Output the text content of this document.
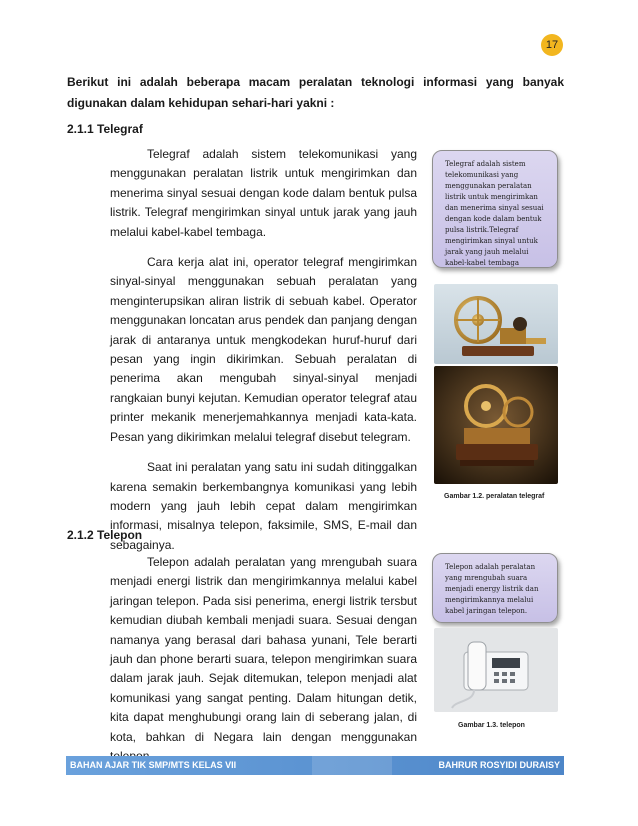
17

Berikut ini adalah beberapa macam peralatan teknologi informasi yang banyak digunakan dalam kehidupan sehari-hari yakni :

2.1.1 Telegraf

Telegraf adalah sistem telekomunikasi yang menggunakan peralatan listrik untuk mengirimkan dan menerima sinyal sesuai dengan kode dalam bentuk pulsa listrik. Telegraf mengirimkan sinyal untuk jarak yang jauh melalui kabel-kabel tembaga.

Cara kerja alat ini, operator telegraf mengirimkan sinyal-sinyal menggunakan sebuah peralatan yang menginterupsikan aliran listrik di sebuah kabel. Operator menggunakan loncatan arus pendek dan panjang dengan jarak di antaranya untuk mengkodekan huruf-huruf dari pesan yang ingin dikirimkan. Sebuah peralatan di penerima akan mengubah sinyal-sinyal menjadi rangkaian bunyi kejutan. Kemudian operator telegraf atau printer mekanik menerjemahkannya menjadi kata-kata. Pesan yang dikirimkan melalui telegraf disebut telegram.

Saat ini peralatan yang satu ini sudah ditinggalkan karena semakin berkembangnya komunikasi yang lebih modern yang jauh lebih cepat dalam mengirimkan informasi, misalnya telepon, faksimile, SMS, E-mail dan sebagainya.

Telegraf adalah sistem telekomunikasi yang menggunakan peralatan listrik untuk mengirimkan dan menerima sinyal sesuai dengan kode dalam bentuk pulsa listrik.Telegraf mengirimkan sinyal untuk jarak yang jauh melalui kabel-kabel tembaga
Gambar 1.2. peralatan telegraf

2.1.2 Telepon

Telepon adalah peralatan yang mrengubah suara menjadi energi listrik dan mengirimkannya melalui kabel jaringan telepon. Pada sisi penerima, energi listrik tersbut kemudian diubah kembali menjadi suara. Sesuai dengan namanya yang berasal dari bahasa yunani, Tele berarti jauh dan phone berarti suara, telepon mengirimkan suara dalam jarak jauh. Sejak ditemukan, telepon menjadi alat komunikasi yang sangat penting. Dalam hitungan detik, kita dapat menghubungi orang lain di seberang jalan, di kota, bahkan di Negara lain dengan menggunakan

Telepon adalah peralatan yang mrengubah suara menjadi energy listrik dan mengirimkannya melalui kabel jaringan telepon.
Gambar 1.3. telepon
BAHAN AJAR TIK SMP/MTS KELAS VII	BAHRUR ROSYIDI DURAISY
